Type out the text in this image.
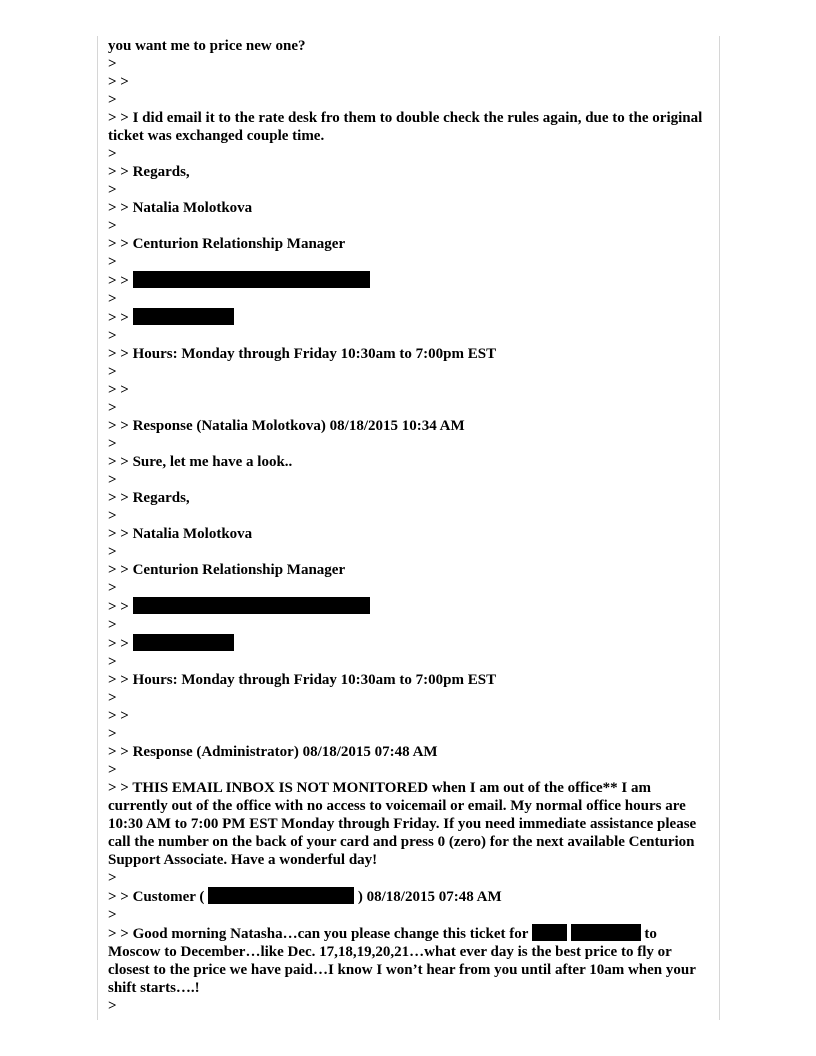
you want me to price new one?
>
> >
>
> > I did email it to the rate desk fro them to double check the rules again, due to the original ticket was exchanged couple time.
>
> > Regards,
>
> > Natalia Molotkova
>
> > Centurion Relationship Manager
>
> >
>
> >
>
> > Hours: Monday through Friday 10:30am to 7:00pm EST
>
> >
>
> > Response (Natalia Molotkova) 08/18/2015 10:34 AM
>
> > Sure, let me have a look..
>
> > Regards,
>
> > Natalia Molotkova
>
> > Centurion Relationship Manager
>
> >
>
> >
>
> > Hours: Monday through Friday 10:30am to 7:00pm EST
>
> >
>
> > Response (Administrator) 08/18/2015 07:48 AM
>
> > THIS EMAIL INBOX IS NOT MONITORED when I am out of the office** I am currently out of the office with no access to voicemail or email. My normal office hours are 10:30 AM to 7:00 PM EST Monday through Friday. If you need immediate assistance please call the number on the back of your card and press 0 (zero) for the next available Centurion Support Associate. Have a wonderful day!
>
> > Customer (	) 08/18/2015 07:48 AM
>
> > Good morning Natasha…can you please change this ticket for	to Moscow to December…like Dec. 17,18,19,20,21…what ever day is the best price to fly or closest to the price we have paid…I know I won’t hear from you until after 10am when your shift starts….!
>
